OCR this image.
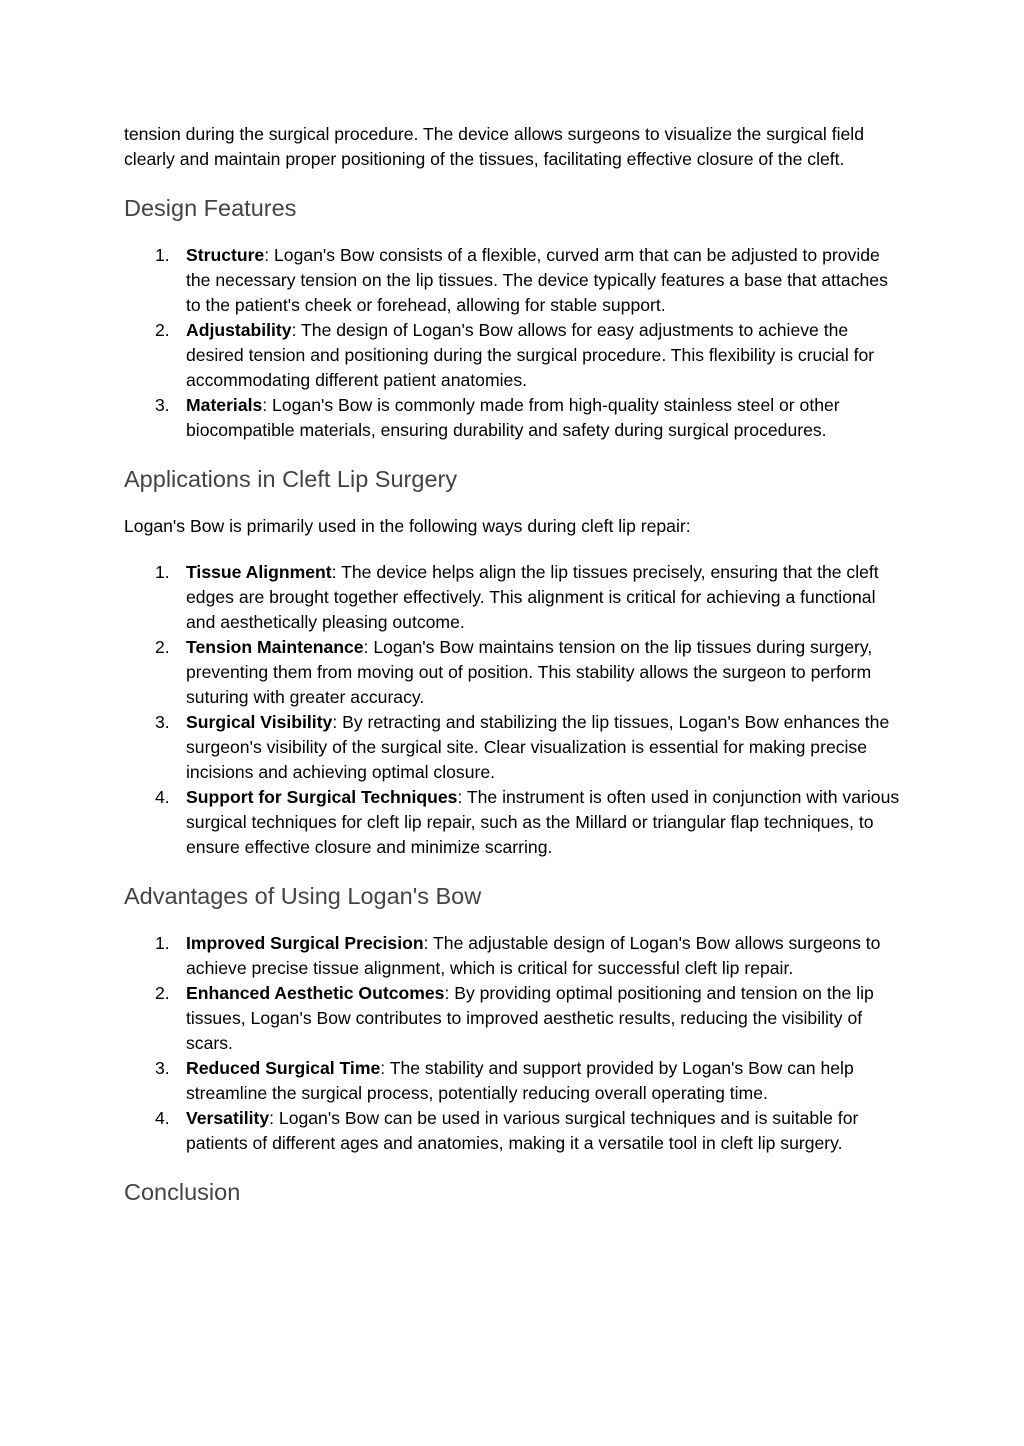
tension during the surgical procedure. The device allows surgeons to visualize the surgical field clearly and maintain proper positioning of the tissues, facilitating effective closure of the cleft.

Design Features
1. Structure: Logan's Bow consists of a flexible, curved arm that can be adjusted to provide the necessary tension on the lip tissues. The device typically features a base that attaches to the patient's cheek or forehead, allowing for stable support.
2. Adjustability: The design of Logan's Bow allows for easy adjustments to achieve the desired tension and positioning during the surgical procedure. This flexibility is crucial for accommodating different patient anatomies.
3. Materials: Logan's Bow is commonly made from high-quality stainless steel or other biocompatible materials, ensuring durability and safety during surgical procedures.
Applications in Cleft Lip Surgery

Logan's Bow is primarily used in the following ways during cleft lip repair:

1. Tissue Alignment: The device helps align the lip tissues precisely, ensuring that the cleft edges are brought together effectively. This alignment is critical for achieving a functional and aesthetically pleasing outcome.
2. Tension Maintenance: Logan's Bow maintains tension on the lip tissues during surgery, preventing them from moving out of position. This stability allows the surgeon to perform suturing with greater accuracy.
3. Surgical Visibility: By retracting and stabilizing the lip tissues, Logan's Bow enhances the surgeon's visibility of the surgical site. Clear visualization is essential for making precise incisions and achieving optimal closure.
4. Support for Surgical Techniques: The instrument is often used in conjunction with various surgical techniques for cleft lip repair, such as the Millard or triangular flap techniques, to ensure effective closure and minimize scarring.
Advantages of Using Logan's Bow
1. Improved Surgical Precision: The adjustable design of Logan's Bow allows surgeons to achieve precise tissue alignment, which is critical for successful cleft lip repair.
2. Enhanced Aesthetic Outcomes: By providing optimal positioning and tension on the lip tissues, Logan's Bow contributes to improved aesthetic results, reducing the visibility of scars.
3. Reduced Surgical Time: The stability and support provided by Logan's Bow can help streamline the surgical process, potentially reducing overall operating time.
4. Versatility: Logan's Bow can be used in various surgical techniques and is suitable for patients of different ages and anatomies, making it a versatile tool in cleft lip surgery.
Conclusion
